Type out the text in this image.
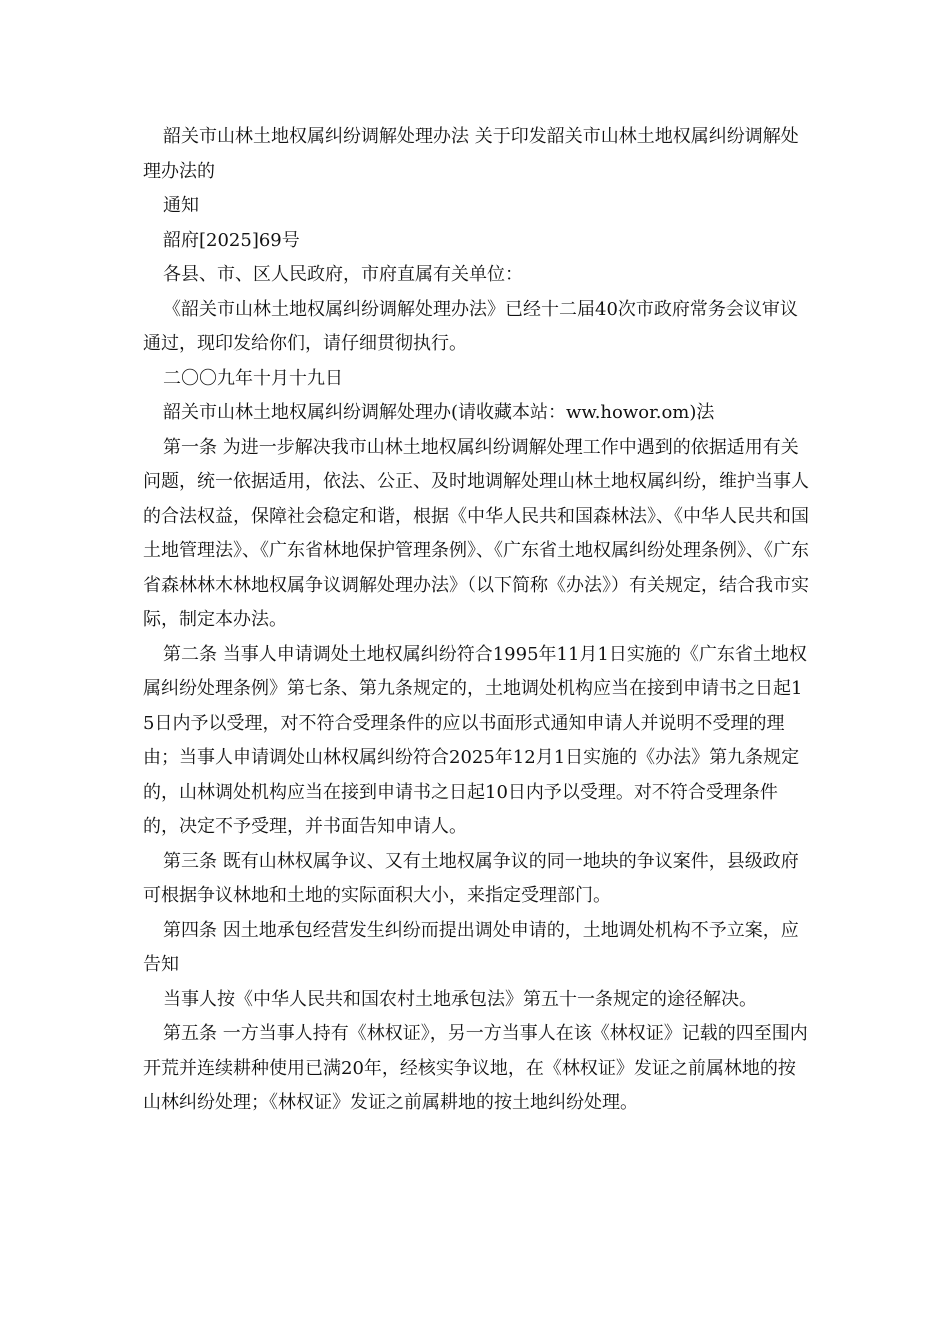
韶关市山林土地权属纠纷调解处理办法 关于印发韶关市山林土地权属纠纷调解处理办法的

通知

韶府[2025]69号

各县、市、区人民政府，市府直属有关单位：

《韶关市山林土地权属纠纷调解处理办法》已经十二届40次市政府常务会议审议通过，现印发给你们，请仔细贯彻执行。

二〇〇九年十月十九日

韶关市山林土地权属纠纷调解处理办(请收藏本站：ww.howor.om)法

第一条 为进一步解决我市山林土地权属纠纷调解处理工作中遇到的依据适用有关问题，统一依据适用，依法、公正、及时地调解处理山林土地权属纠纷，维护当事人的合法权益，保障社会稳定和谐，根据《中华人民共和国森林法》、《中华人民共和国土地管理法》、《广东省林地保护管理条例》、《广东省土地权属纠纷处理条例》、《广东省森林林木林地权属争议调解处理办法》（以下简称《办法》）有关规定，结合我市实际，制定本办法。

第二条 当事人申请调处土地权属纠纷符合1995年11月1日实施的《广东省土地权属纠纷处理条例》第七条、第九条规定的，土地调处机构应当在接到申请书之日起15日内予以受理，对不符合受理条件的应以书面形式通知申请人并说明不受理的理由；当事人申请调处山林权属纠纷符合2025年12月1日实施的《办法》第九条规定的，山林调处机构应当在接到申请书之日起10日内予以受理。对不符合受理条件的，决定不予受理，并书面告知申请人。

第三条 既有山林权属争议、又有土地权属争议的同一地块的争议案件，县级政府可根据争议林地和土地的实际面积大小，来指定受理部门。

第四条 因土地承包经营发生纠纷而提出调处申请的，土地调处机构不予立案，应告知

当事人按《中华人民共和国农村土地承包法》第五十一条规定的途径解决。

第五条 一方当事人持有《林权证》，另一方当事人在该《林权证》记载的四至围内开荒并连续耕种使用已满20年，经核实争议地，在《林权证》发证之前属林地的按山林纠纷处理；《林权证》发证之前属耕地的按土地纠纷处理。
